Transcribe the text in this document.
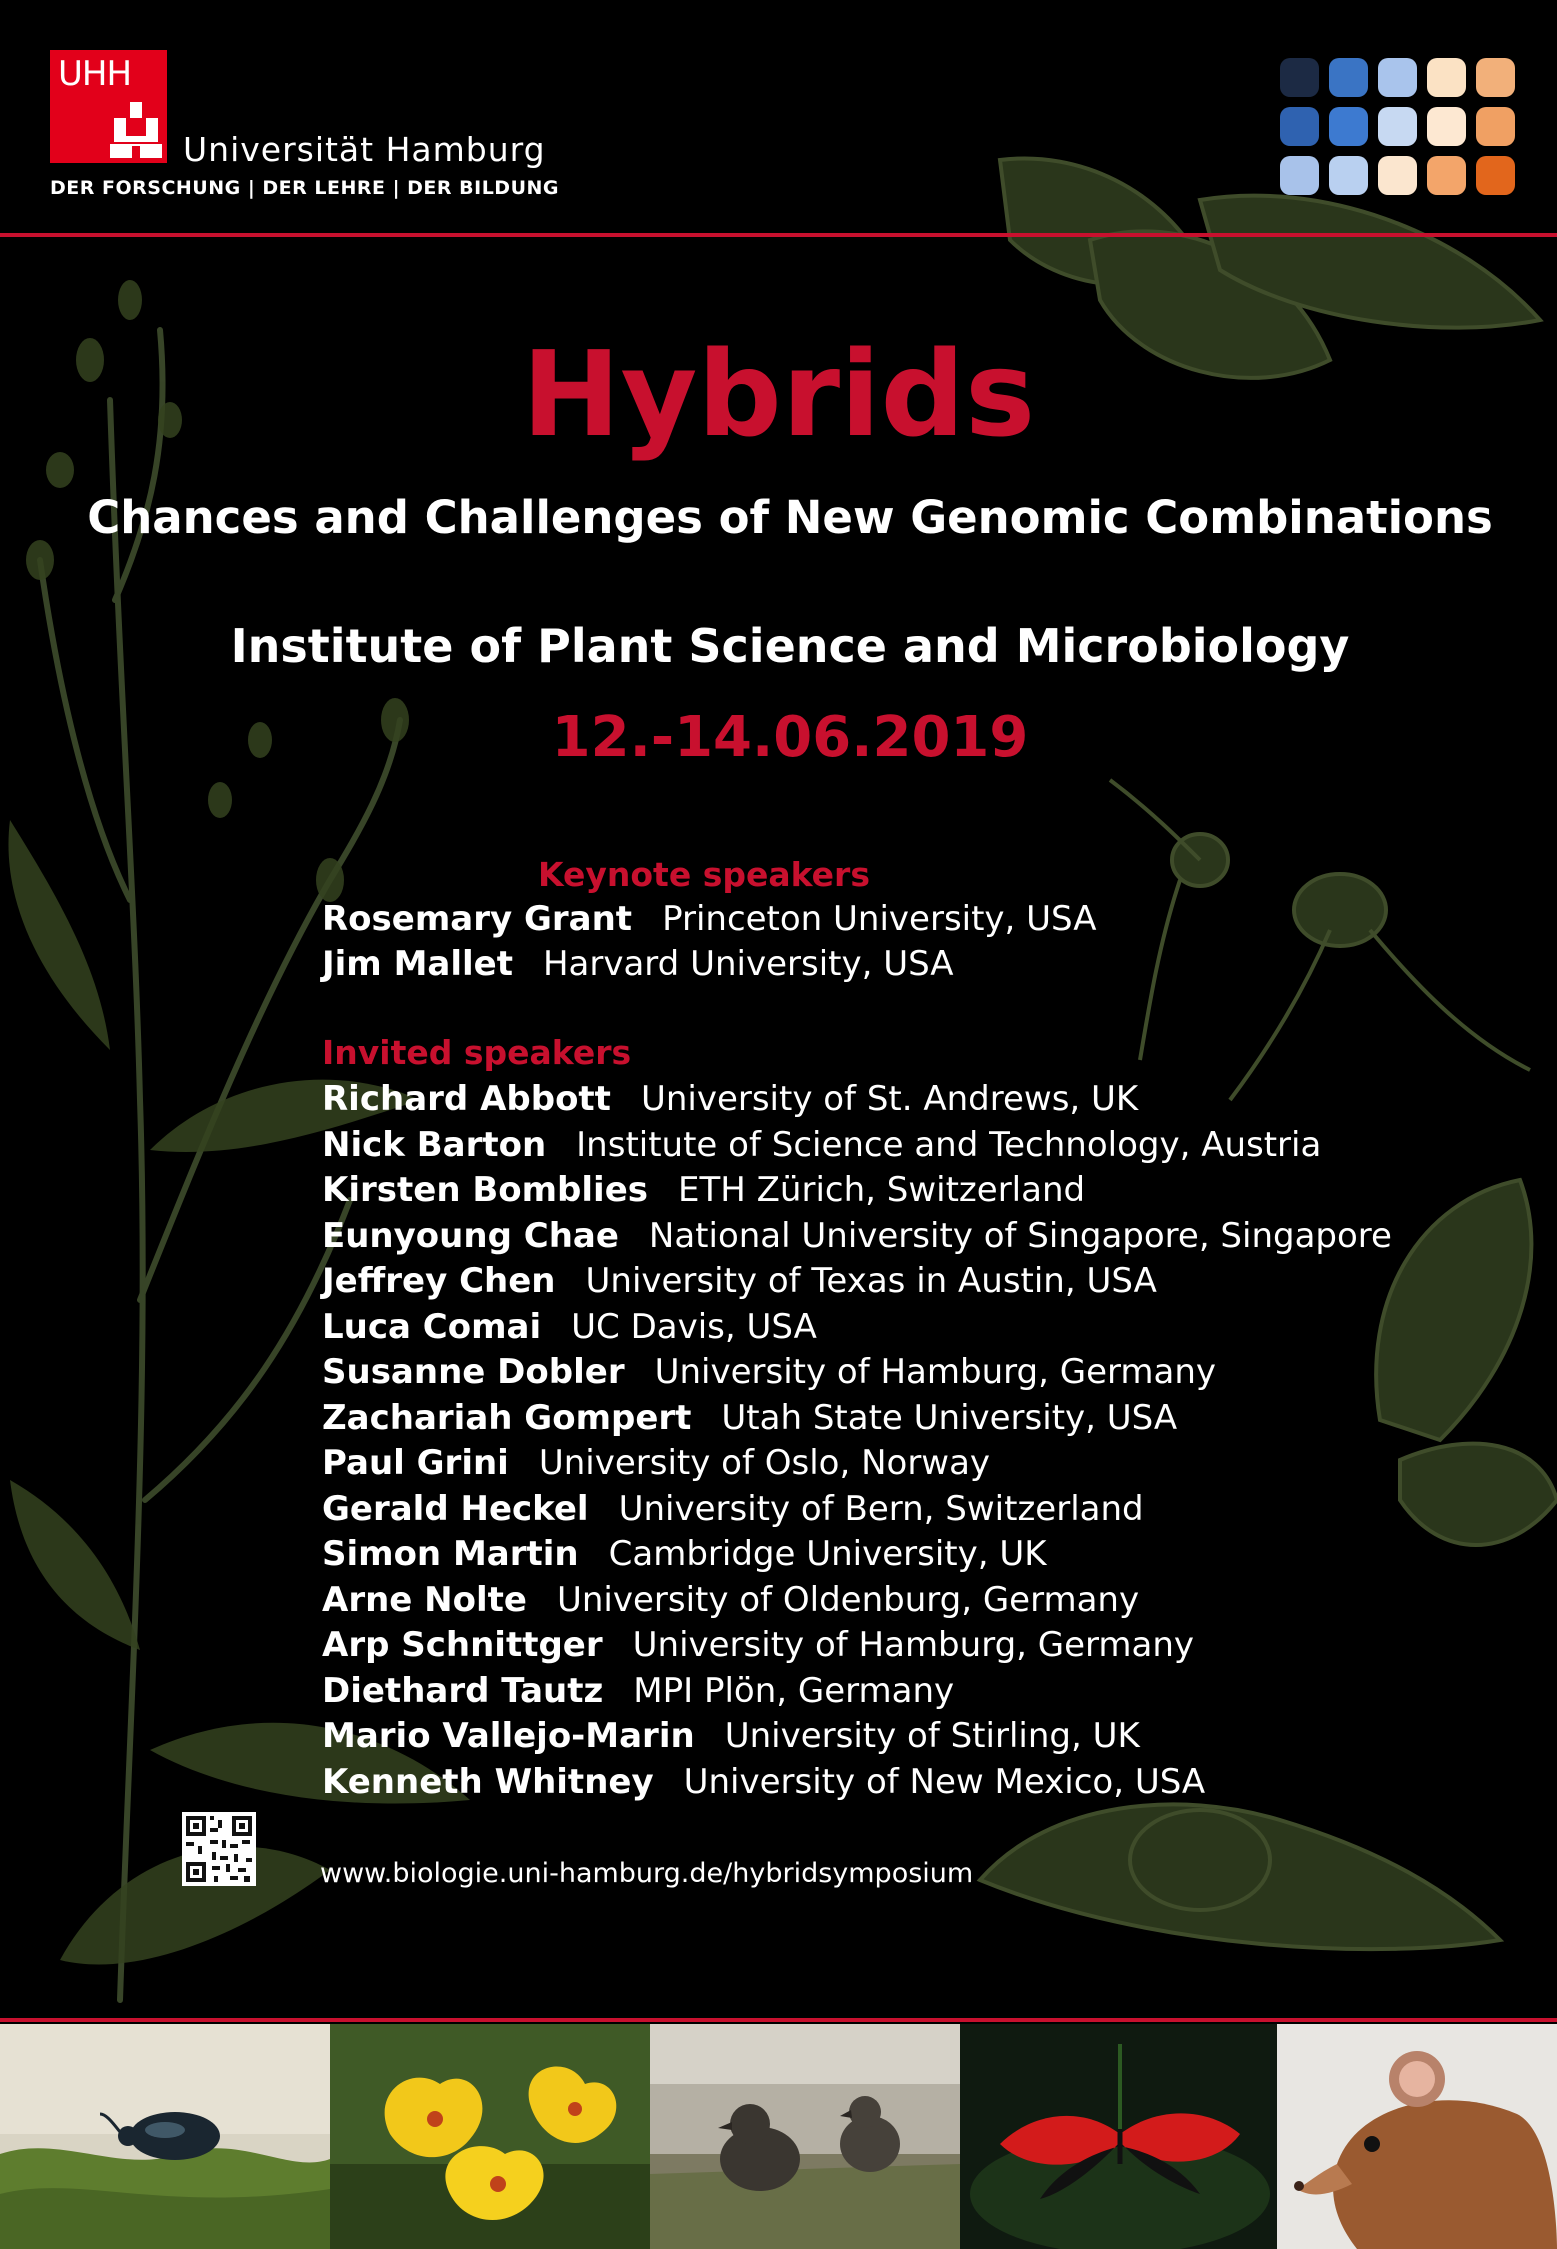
UHH
Universität Hamburg
DER FORSCHUNG | DER LEHRE | DER BILDUNG
Hybrids
Chances and Challenges of New Genomic Combinations
Institute of Plant Science and Microbiology
12.-14.06.2019
Keynote speakers
Rosemary Grant Princeton University, USA
Jim Mallet Harvard University, USA
Invited speakers
Richard Abbott University of St. Andrews, UK
Nick Barton Institute of Science and Technology, Austria
Kirsten Bomblies ETH Zürich, Switzerland
Eunyoung Chae National University of Singapore, Singapore
Jeffrey Chen University of Texas in Austin, USA
Luca Comai UC Davis, USA
Susanne Dobler University of Hamburg, Germany
Zachariah Gompert Utah State University, USA
Paul Grini University of Oslo, Norway
Gerald Heckel University of Bern, Switzerland
Simon Martin Cambridge University, UK
Arne Nolte University of Oldenburg, Germany
Arp Schnittger University of Hamburg, Germany
Diethard Tautz MPI Plön, Germany
Mario Vallejo-Marin University of Stirling, UK
Kenneth Whitney University of New Mexico, USA
www.biologie.uni-hamburg.de/hybridsymposium
